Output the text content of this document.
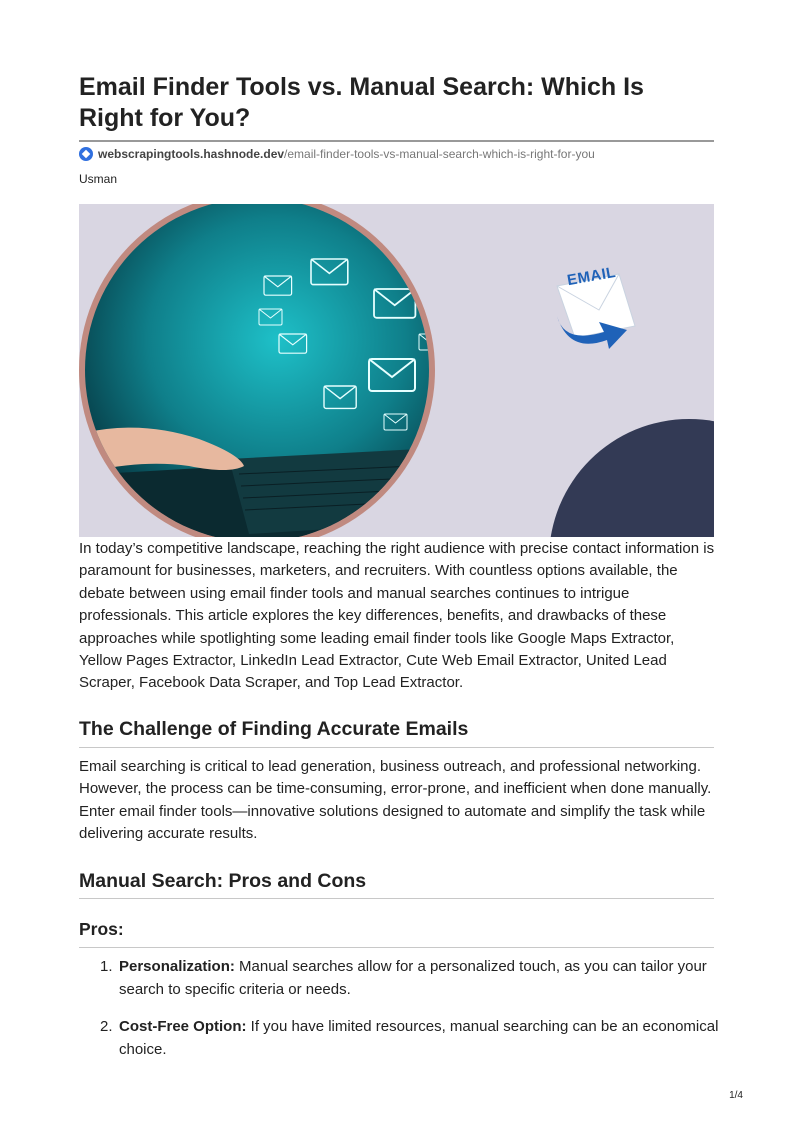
Email Finder Tools vs. Manual Search: Which Is Right for You?
webscrapingtools.hashnode.dev/email-finder-tools-vs-manual-search-which-is-right-for-you
Usman
EMAIL

In today’s competitive landscape, reaching the right audience with precise contact information is paramount for businesses, marketers, and recruiters. With countless options available, the debate between using email finder tools and manual searches continues to intrigue professionals. This article explores the key differences, benefits, and drawbacks of these approaches while spotlighting some leading email finder tools like Google Maps Extractor, Yellow Pages Extractor, LinkedIn Lead Extractor, Cute Web Email Extractor, United Lead Scraper, Facebook Data Scraper, and Top Lead Extractor.

The Challenge of Finding Accurate Emails

Email searching is critical to lead generation, business outreach, and professional networking. However, the process can be time-consuming, error-prone, and inefficient when done manually. Enter email finder tools—innovative solutions designed to automate and simplify the task while delivering accurate results.

Manual Search: Pros and Cons
Pros:
1. Personalization: Manual searches allow for a personalized touch, as you can tailor your search to specific criteria or needs.
2. Cost-Free Option: If you have limited resources, manual searching can be an economical choice.
1/4
